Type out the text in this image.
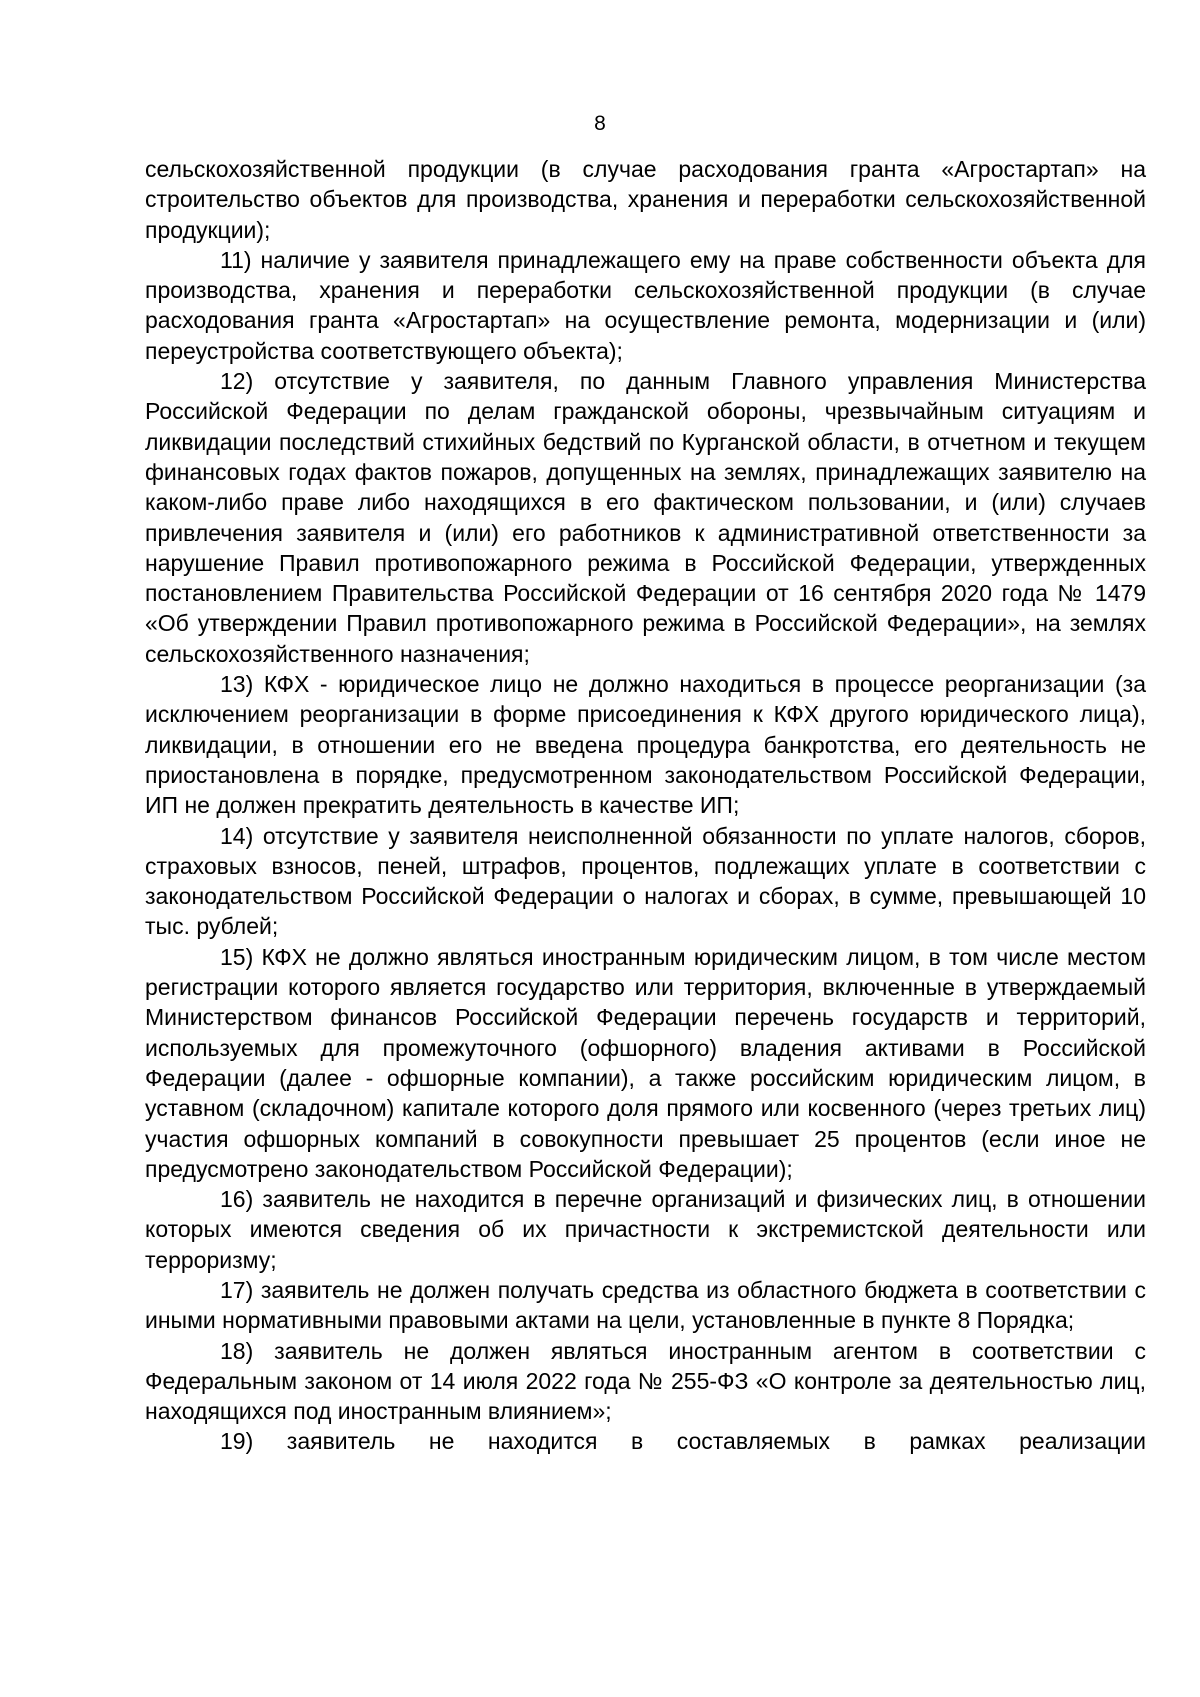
8

сельскохозяйственной продукции (в случае расходования гранта «Агростартап» на строительство объектов для производства, хранения и переработки сельскохозяйственной продукции);

11) наличие у заявителя принадлежащего ему на праве собственности объекта для производства, хранения и переработки сельскохозяйственной продукции (в случае расходования гранта «Агростартап» на осуществление ремонта, модернизации и (или) переустройства соответствующего объекта);

12) отсутствие у заявителя, по данным Главного управления Министерства Российской Федерации по делам гражданской обороны, чрезвычайным ситуациям и ликвидации последствий стихийных бедствий по Курганской области, в отчетном и текущем финансовых годах фактов пожаров, допущенных на землях, принадлежащих заявителю на каком-либо праве либо находящихся в его фактическом пользовании, и (или) случаев привлечения заявителя и (или) его работников к административной ответственности за нарушение Правил противопожарного режима в Российской Федерации, утвержденных постановлением Правительства Российской Федерации от 16 сентября 2020 года № 1479 «Об утверждении Правил противопожарного режима в Российской Федерации», на землях сельскохозяйственного назначения;

13) КФХ - юридическое лицо не должно находиться в процессе реорганизации (за исключением реорганизации в форме присоединения к КФХ другого юридического лица), ликвидации, в отношении его не введена процедура банкротства, его деятельность не приостановлена в порядке, предусмотренном законодательством Российской Федерации, ИП не должен прекратить деятельность в качестве ИП;

14) отсутствие у заявителя неисполненной обязанности по уплате налогов, сборов, страховых взносов, пеней, штрафов, процентов, подлежащих уплате в соответствии с законодательством Российской Федерации о налогах и сборах, в сумме, превышающей 10 тыс. рублей;

15) КФХ не должно являться иностранным юридическим лицом, в том числе местом регистрации которого является государство или территория, включенные в утверждаемый Министерством финансов Российской Федерации перечень государств и территорий, используемых для промежуточного (офшорного) владения активами в Российской Федерации (далее - офшорные компании), а также российским юридическим лицом, в уставном (складочном) капитале которого доля прямого или косвенного (через третьих лиц) участия офшорных компаний в совокупности превышает 25 процентов (если иное не предусмотрено законодательством Российской Федерации);

16) заявитель не находится в перечне организаций и физических лиц, в отношении которых имеются сведения об их причастности к экстремистской деятельности или терроризму;

17) заявитель не должен получать средства из областного бюджета в соответствии с иными нормативными правовыми актами на цели, установленные в пункте 8 Порядка;

18) заявитель не должен являться иностранным агентом в соответствии с Федеральным законом от 14 июля 2022 года № 255-ФЗ «О контроле за деятельностью лиц, находящихся под иностранным влиянием»;

19) заявитель не находится в составляемых в рамках реализации
